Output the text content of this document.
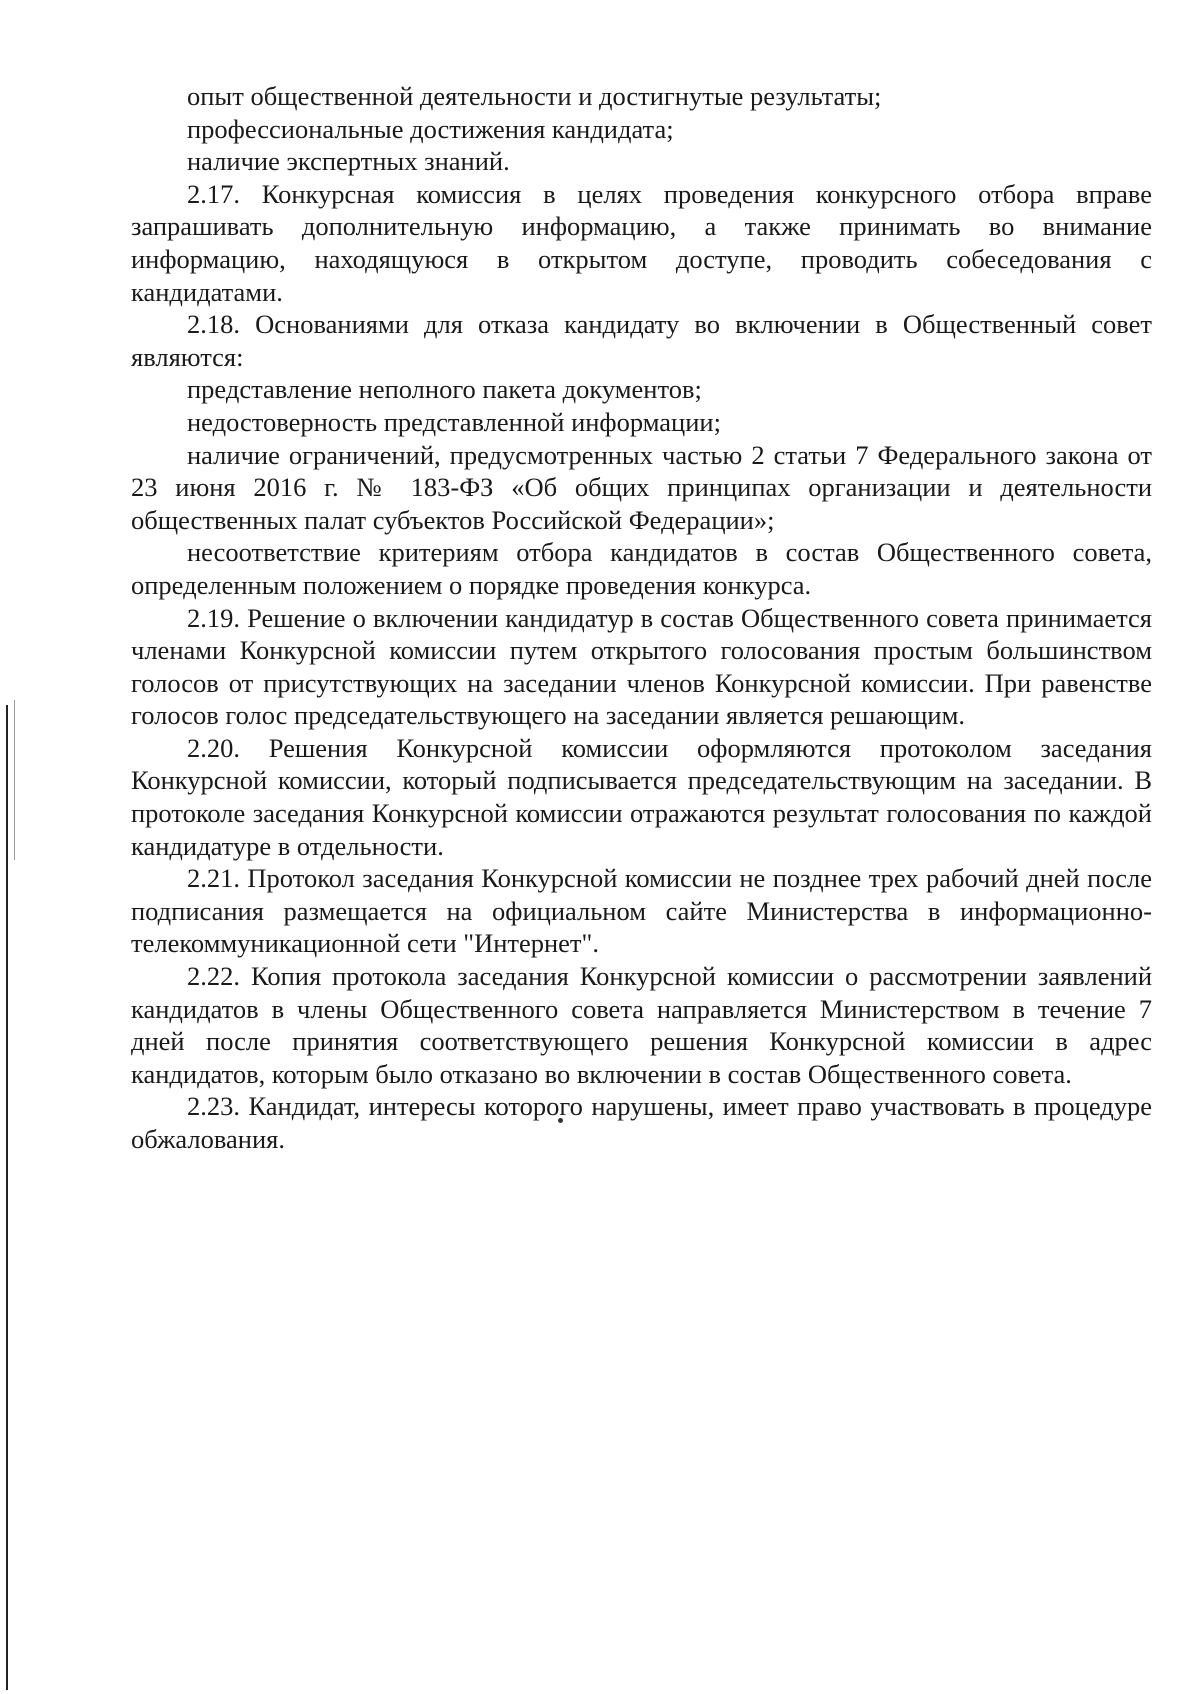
опыт общественной деятельности и достигнутые результаты;

профессиональные достижения кандидата;

наличие экспертных знаний.

2.17. Конкурсная комиссия в целях проведения конкурсного отбора вправе запрашивать дополнительную информацию, а также принимать во внимание информацию, находящуюся в открытом доступе, проводить собеседования с кандидатами.

2.18. Основаниями для отказа кандидату во включении в Общественный совет являются:

представление неполного пакета документов;

недостоверность представленной информации;

наличие ограничений, предусмотренных частью 2 статьи 7 Федерального закона от 23 июня 2016 г. № 183-ФЗ «Об общих принципах организации и деятельности общественных палат субъектов Российской Федерации»;

несоответствие критериям отбора кандидатов в состав Общественного совета, определенным положением о порядке проведения конкурса.

2.19. Решение о включении кандидатур в состав Общественного совета принимается членами Конкурсной комиссии путем открытого голосования простым большинством голосов от присутствующих на заседании членов Конкурсной комиссии. При равенстве голосов голос председательствующего на заседании является решающим.

2.20. Решения Конкурсной комиссии оформляются протоколом заседания Конкурсной комиссии, который подписывается председательствующим на заседании. В протоколе заседания Конкурсной комиссии отражаются результат голосования по каждой кандидатуре в отдельности.

2.21. Протокол заседания Конкурсной комиссии не позднее трех рабочий дней после подписания размещается на официальном сайте Министерства в информационно-телекоммуникационной сети "Интернет".

2.22. Копия протокола заседания Конкурсной комиссии о рассмотрении заявлений кандидатов в члены Общественного совета направляется Министерством в течение 7 дней после принятия соответствующего решения Конкурсной комиссии в адрес кандидатов, которым было отказано во включении в состав Общественного совета.

2.23. Кандидат, интересы которого нарушены, имеет право участвовать в процедуре обжалования.
